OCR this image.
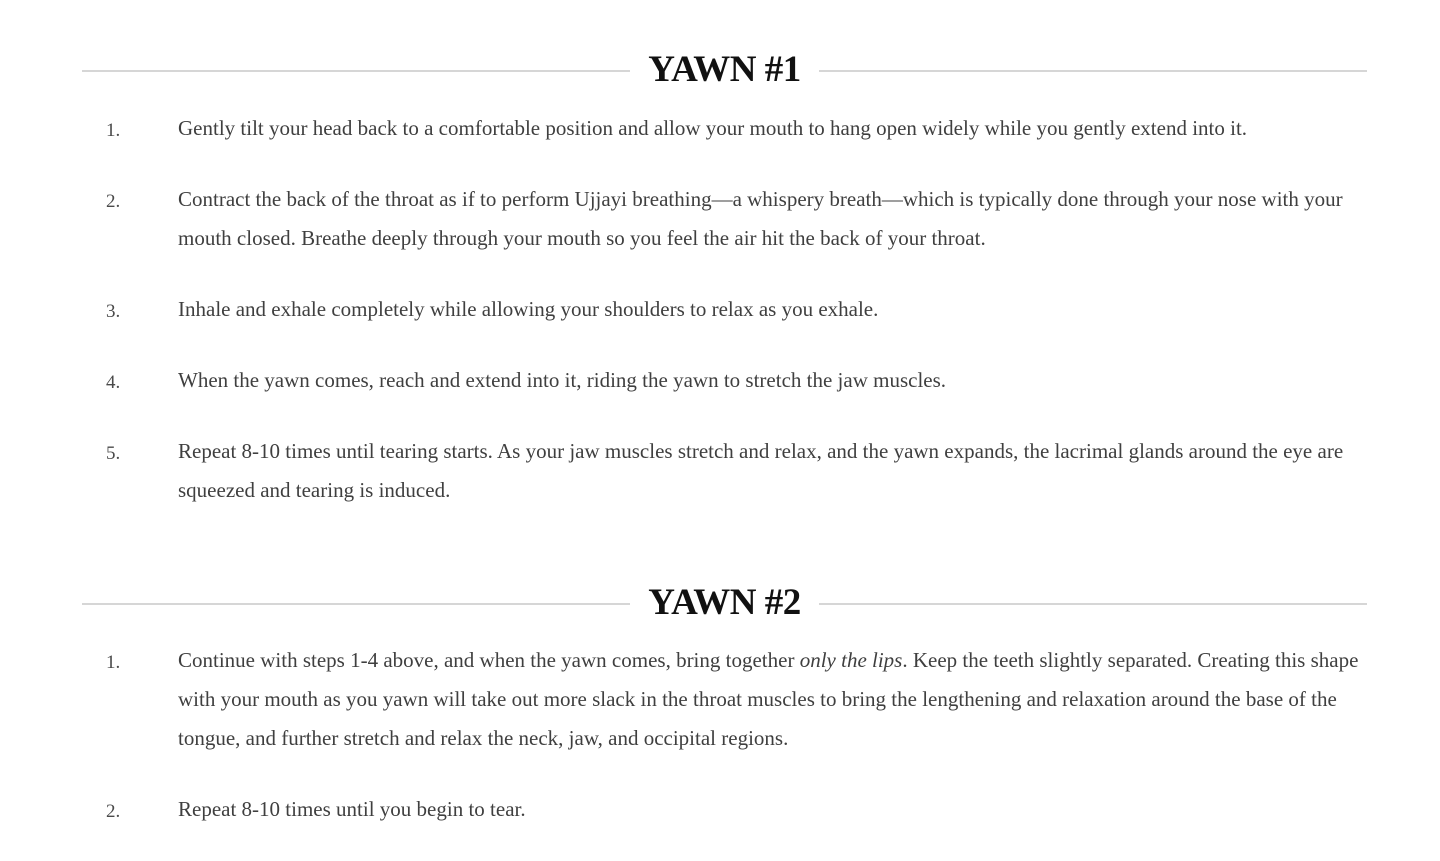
YAWN #1
1.	Gently tilt your head back to a comfortable position and allow your mouth to hang open widely while you gently extend into it.
2.	Contract the back of the throat as if to perform Ujjayi breathing—a whispery breath—which is typically done through your nose with your mouth closed. Breathe deeply through your mouth so you feel the air hit the back of your throat.
3.	Inhale and exhale completely while allowing your shoulders to relax as you exhale.
4.	When the yawn comes, reach and extend into it, riding the yawn to stretch the jaw muscles.
5.	Repeat 8-10 times until tearing starts. As your jaw muscles stretch and relax, and the yawn expands, the lacrimal glands around the eye are squeezed and tearing is induced.
YAWN #2
1.	Continue with steps 1-4 above, and when the yawn comes, bring together only the lips. Keep the teeth slightly separated. Creating this shape with your mouth as you yawn will take out more slack in the throat muscles to bring the lengthening and relaxation around the base of the tongue, and further stretch and relax the neck, jaw, and occipital regions.
2.	Repeat 8-10 times until you begin to tear.
